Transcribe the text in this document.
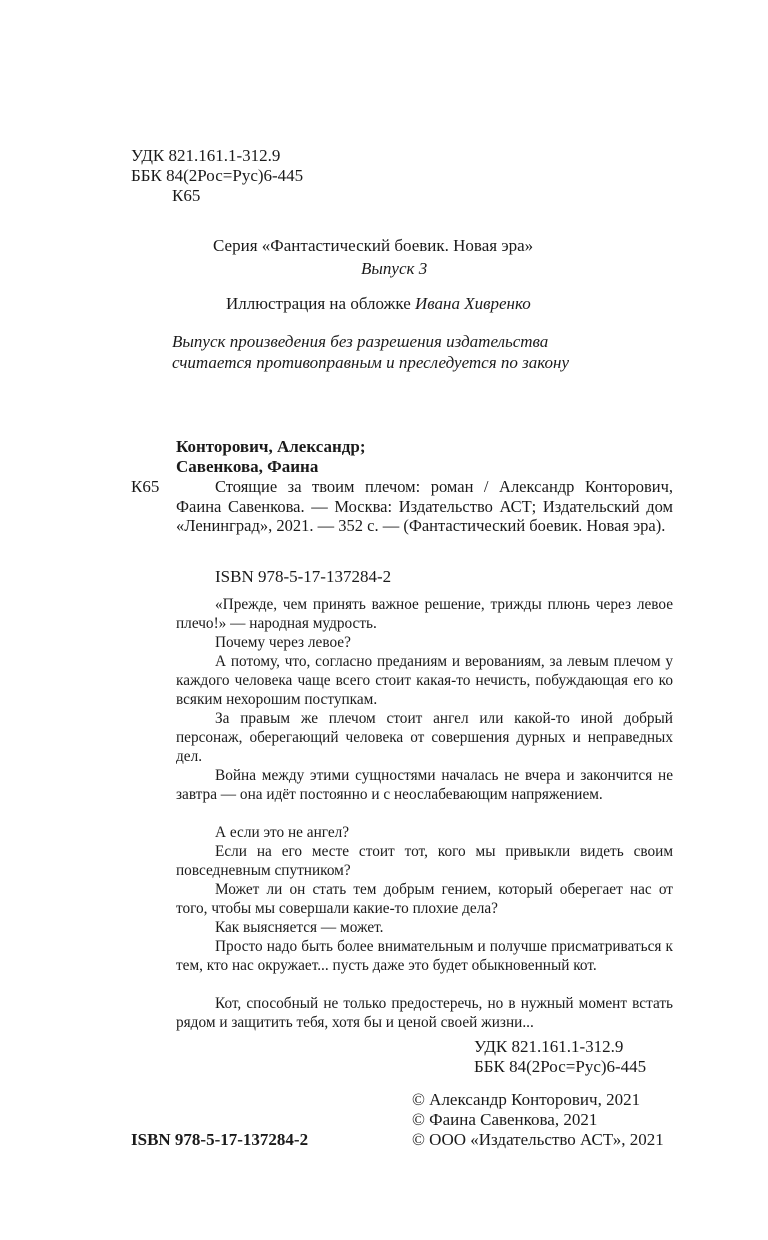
УДК 821.161.1-312.9
ББК 84(2Рос=Рус)6-445
К65
Серия «Фантастический боевик. Новая эра»
Выпуск 3
Иллюстрация на обложке Ивана Хивренко
Выпуск произведения без разрешения издательства
считается противоправным и преследуется по закону
Конторович, Александр;
Савенкова, Фаина
К65	Стоящие за твоим плечом: роман / Александр Конторович, Фаина Савенкова. — Москва: Издательство АСТ; Издательский дом «Ленинград», 2021. — 352 с. — (Фантастический боевик. Новая эра).

ISBN 978-5-17-137284-2

«Прежде, чем принять важное решение, трижды плюнь через левое плечо!» — народная мудрость.

Почему через левое?

А потому, что, согласно преданиям и верованиям, за левым плечом у каждого человека чаще всего стоит какая-то нечисть, побуждающая его ко всяким нехорошим поступкам.

За правым же плечом стоит ангел или какой-то иной добрый персонаж, оберегающий человека от совершения дурных и неправедных дел.

Война между этими сущностями началась не вчера и закончится не завтра — она идёт постоянно и с неослабевающим напряжением.

А если это не ангел?

Если на его месте стоит тот, кого мы привыкли видеть своим повседневным спутником?

Может ли он стать тем добрым гением, который оберегает нас от того, чтобы мы совершали какие-то плохие дела?

Как выясняется — может.

Просто надо быть более внимательным и получше присматриваться к тем, кто нас окружает... пусть даже это будет обыкновенный кот.

Кот, способный не только предостеречь, но в нужный момент встать рядом и защитить тебя, хотя бы и ценой своей жизни...

УДК 821.161.1-312.9
ББК 84(2Рос=Рус)6-445
ISBN 978-5-17-137284-2
© Александр Конторович, 2021
© Фаина Савенкова, 2021
© ООО «Издательство АСТ», 2021
